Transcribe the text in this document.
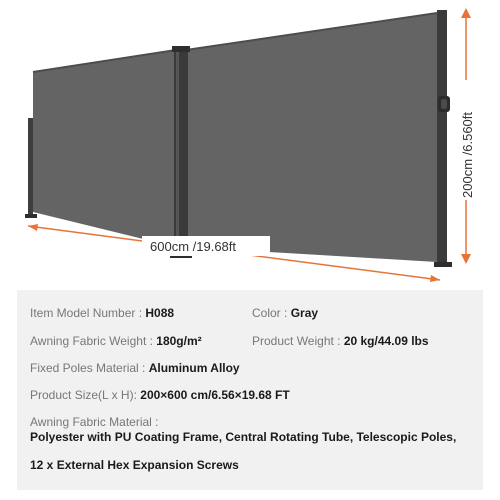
600cm /19.68ft
200cm /6.560ft
Item Model Number : H088	Color : Gray
Awning Fabric Weight : 180g/m²	Product Weight : 20 kg/44.09 lbs
Fixed Poles Material : Aluminum Alloy
Product Size(L x H): 200×600 cm/6.56×19.68 FT
Awning Fabric Material :
Polyester with PU Coating Frame, Central Rotating Tube, Telescopic Poles,
12 x External Hex Expansion Screws
